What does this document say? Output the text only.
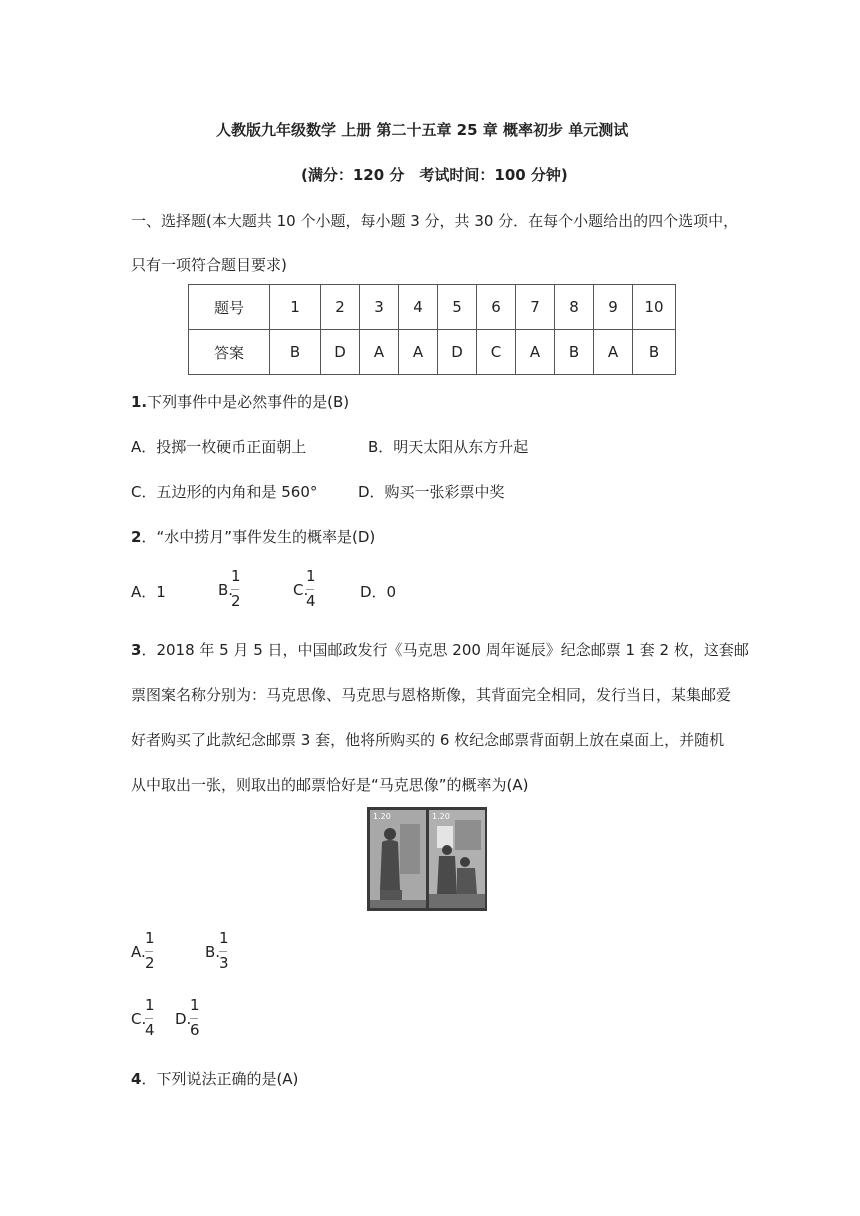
人教版九年级数学 上册 第二十五章 25 章 概率初步 单元测试
(满分：120 分　考试时间：100 分钟)
一、选择题(本大题共 10 个小题，每小题 3 分，共 30 分．在每个小题给出的四个选项中，
只有一项符合题目要求)
题号	1	2	3	4	5	6	7	8	9	10
答案	B	D	A	A	D	C	A	B	A	B
1.下列事件中是必然事件的是(B)
A．投掷一枚硬币正面朝上	B．明天太阳从东方升起
C．五边形的内角和是 560°	D．购买一张彩票中奖
2．“水中捞月”事件发生的概率是(D)
A．1	B.
1
2
C.
1
4	D．0
3．2018 年 5 月 5 日，中国邮政发行《马克思 200 周年诞辰》纪念邮票 1 套 2 枚，这套邮
票图案名称分别为：马克思像、马克思与恩格斯像，其背面完全相同，发行当日，某集邮爱
好者购买了此款纪念邮票 3 套，他将所购买的 6 枚纪念邮票背面朝上放在桌面上，并随机
从中取出一张，则取出的邮票恰好是“马克思像”的概率为(A)
1.20	1.20
A.
1
2
B.
1
3
C.
1
4
D.
1
6
4．下列说法正确的是(A)
